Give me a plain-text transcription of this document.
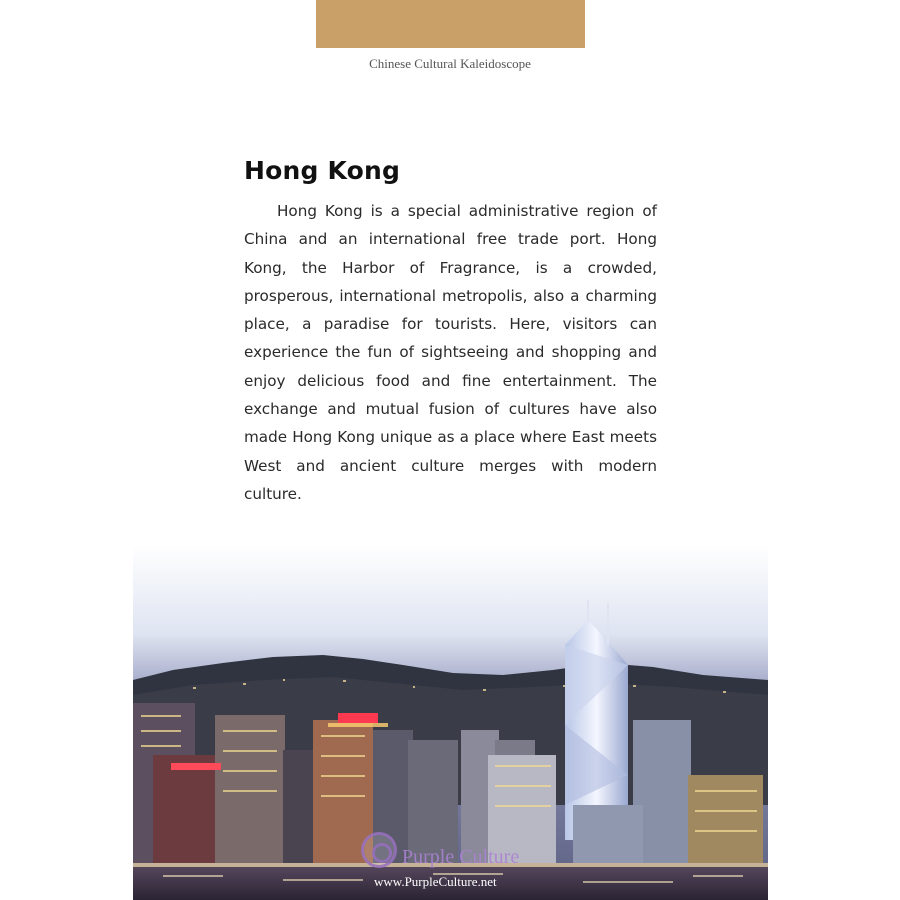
Chinese Cultural Kaleidoscope
Hong Kong

Hong Kong is a special administrative region of China and an international free trade port. Hong Kong, the Harbor of Fragrance, is a crowded, prosperous, international metropolis, also a charming place, a paradise for tourists. Here, visitors can experience the fun of sightseeing and shopping and enjoy delicious food and fine entertainment. The exchange and mutual fusion of cultures have also made Hong Kong unique as a place where East meets West and ancient culture merges with modern culture.

Purple Culture
www.PurpleCulture.net
